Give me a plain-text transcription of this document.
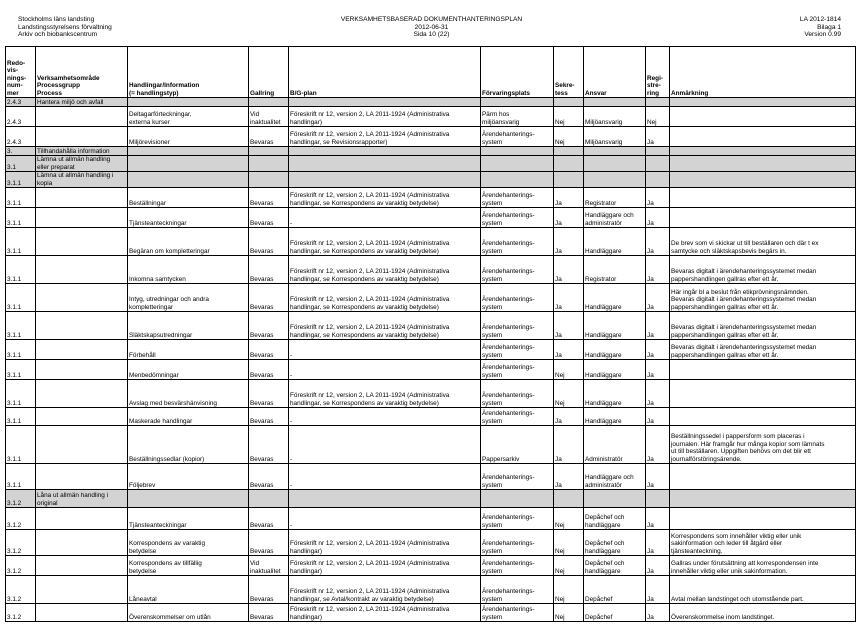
Stockholms läns landsting
Landstingsstyrelsens förvaltning
Arkiv och biobankscentrum
VERKSAMHETSBASERAD DOKUMENTHANTERINGSPLAN
2012-06-31
Sida 10 (22)
LA 2012-1814
Bilaga 1
Version 0.99
Redo-
vis-
nings-
num-
mer	Verksamhetsområde
Processgrupp
Process	Handlingar/Information
(= handlingstyp)	Gallring	B/G-plan	Förvaringsplats	Sekre-
tess	Ansvar	Regi-
stre-
ring	Anmärkning
2.4.3	Hantera miljö och avfall								
2.4.3		Deltagarförteckningar,
externa kurser	Vid
inaktualitet	Föreskrift nr 12, version 2, LA 2011-1924 (Administrativa
handlingar)	Pärm hos
miljöansvarig	Nej	Miljöansvarig	Nej	
2.4.3		Miljörevisioner	Bevaras	Föreskrift nr 12, version 2, LA 2011-1924 (Administrativa
handlingar, se Revisionsrapporter)	Ärendehanterings-
system	Nej	Miljöansvarig	Ja	
3.	Tillhandahålla information								
3.1	Lämna ut allmän handling
eller preparat								
3.1.1	Lämna ut allmän handling i
kopia								
3.1.1		Beställningar	Bevaras	Föreskrift nr 12, version 2, LA 2011-1924 (Administrativa
handlingar, se Korrespondens av varaktig betydelse)	Ärendehanterings-
system	Ja	Registrator	Ja	
3.1.1		Tjänsteanteckningar	Bevaras	-	Ärendehanterings-
system	Ja	Handläggare och
administratör	Ja	
3.1.1		Begäran om kompletteringar	Bevaras	Föreskrift nr 12, version 2, LA 2011-1924 (Administrativa
handlingar, se Korrespondens av varaktig betydelse)	Ärendehanterings-
system	Ja	Handläggare	Ja	De brev som vi skickar ut till beställaren och där t ex
samtycke och släktskapsbevis begärs in.
3.1.1		Inkomna samtycken	Bevaras	Föreskrift nr 12, version 2, LA 2011-1924 (Administrativa
handlingar, se Korrespondens av varaktig betydelse)	Ärendehanterings-
system	Ja	Registrator	Ja	Bevaras digitalt i ärendehanteringssystemet medan
pappershandlingen gallras efter ett år.
3.1.1		Intyg, utredningar och andra
kompletteringar	Bevaras	Föreskrift nr 12, version 2, LA 2011-1924 (Administrativa
handlingar, se Korrespondens av varaktig betydelse)	Ärendehanterings-
system	Ja	Handläggare	Ja	Här ingår bl a beslut från etikprövningsnämnden.
Bevaras digitalt i ärendehanteringssystemet medan
pappershandlingen gallras efter ett år.
3.1.1		Släktskapsutredningar	Bevaras	Föreskrift nr 12, version 2, LA 2011-1924 (Administrativa
handlingar, se Korrespondens av varaktig betydelse)	Ärendehanterings-
system	Ja	Handläggare	Ja	Bevaras digitalt i ärendehanteringssystemet medan
pappershandlingen gallras efter ett år.
3.1.1		Förbehåll	Bevaras	-	Ärendehanterings-
system	Ja	Handläggare	Ja	Bevaras digitalt i ärendehanteringssystemet medan
pappershandlingen gallras efter ett år.
3.1.1		Menbedömningar	Bevaras	-	Ärendehanterings-
system	Nej	Handläggare	Ja	
3.1.1		Avslag med besvärshänvisning	Bevaras	Föreskrift nr 12, version 2, LA 2011-1924 (Administrativa
handlingar, se Korrespondens av varaktig betydelse)	Ärendehanterings-
system	Nej	Handläggare	Ja	
3.1.1		Maskerade handlingar	Bevaras	-	Ärendehanterings-
system	Ja	Handläggare	Ja	
3.1.1		Beställningssedlar (kopior)	Bevaras	-	Pappersarkiv	Ja	Administratör	Ja	Beställningssedel i pappersform som placeras i
journalen. Här framgår hur många kopior som lämnats
ut till beställaren. Uppgiften behövs om det blir ett
journalförstöringsärende.
3.1.1		Följebrev	Bevaras	-	Ärendehanterings-
system	Ja	Handläggare och
administratör	Ja	
3.1.2	Låna ut allmän handling i
original								
3.1.2		Tjänsteanteckningar	Bevaras	-	Ärendehanterings-
system	Nej	Depåchef och
handläggare	Ja	
3.1.2		Korrespondens av varaktig
betydelse	Bevaras	Föreskrift nr 12, version 2, LA 2011-1924 (Administrativa
handlingar)	Ärendehanterings-
system	Nej	Depåchef och
handläggare	Ja	Korrespondens som innehåller viktig eller unik
sakinformation och leder till åtgärd eller
tjänsteanteckning.
3.1.2		Korrespondens av tillfällig
betydelse	Vid
inaktualitet	Föreskrift nr 12, version 2, LA 2011-1924 (Administrativa
handlingar)	Ärendehanterings-
system	Nej	Depåchef och
handläggare	Ja	Gallras under förutsättning att korrespondensen inte
innehåller viktig eller unik sakinformation.
3.1.2		Låneavtal	Bevaras	Föreskrift nr 12, version 2, LA 2011-1924 (Administrativa
handlingar, se Avtal/kontrakt av varaktig betydelse)	Ärendehanterings-
system	Nej	Depåchef	Ja	Avtal mellan landstinget och utomstående part.
3.1.2		Överenskommelser om utlån	Bevaras	Föreskrift nr 12, version 2, LA 2011-1924 (Administrativa
handlingar)	Ärendehanterings-
system	Nej	Depåchef	Ja	Överenskommelse inom landstinget.
